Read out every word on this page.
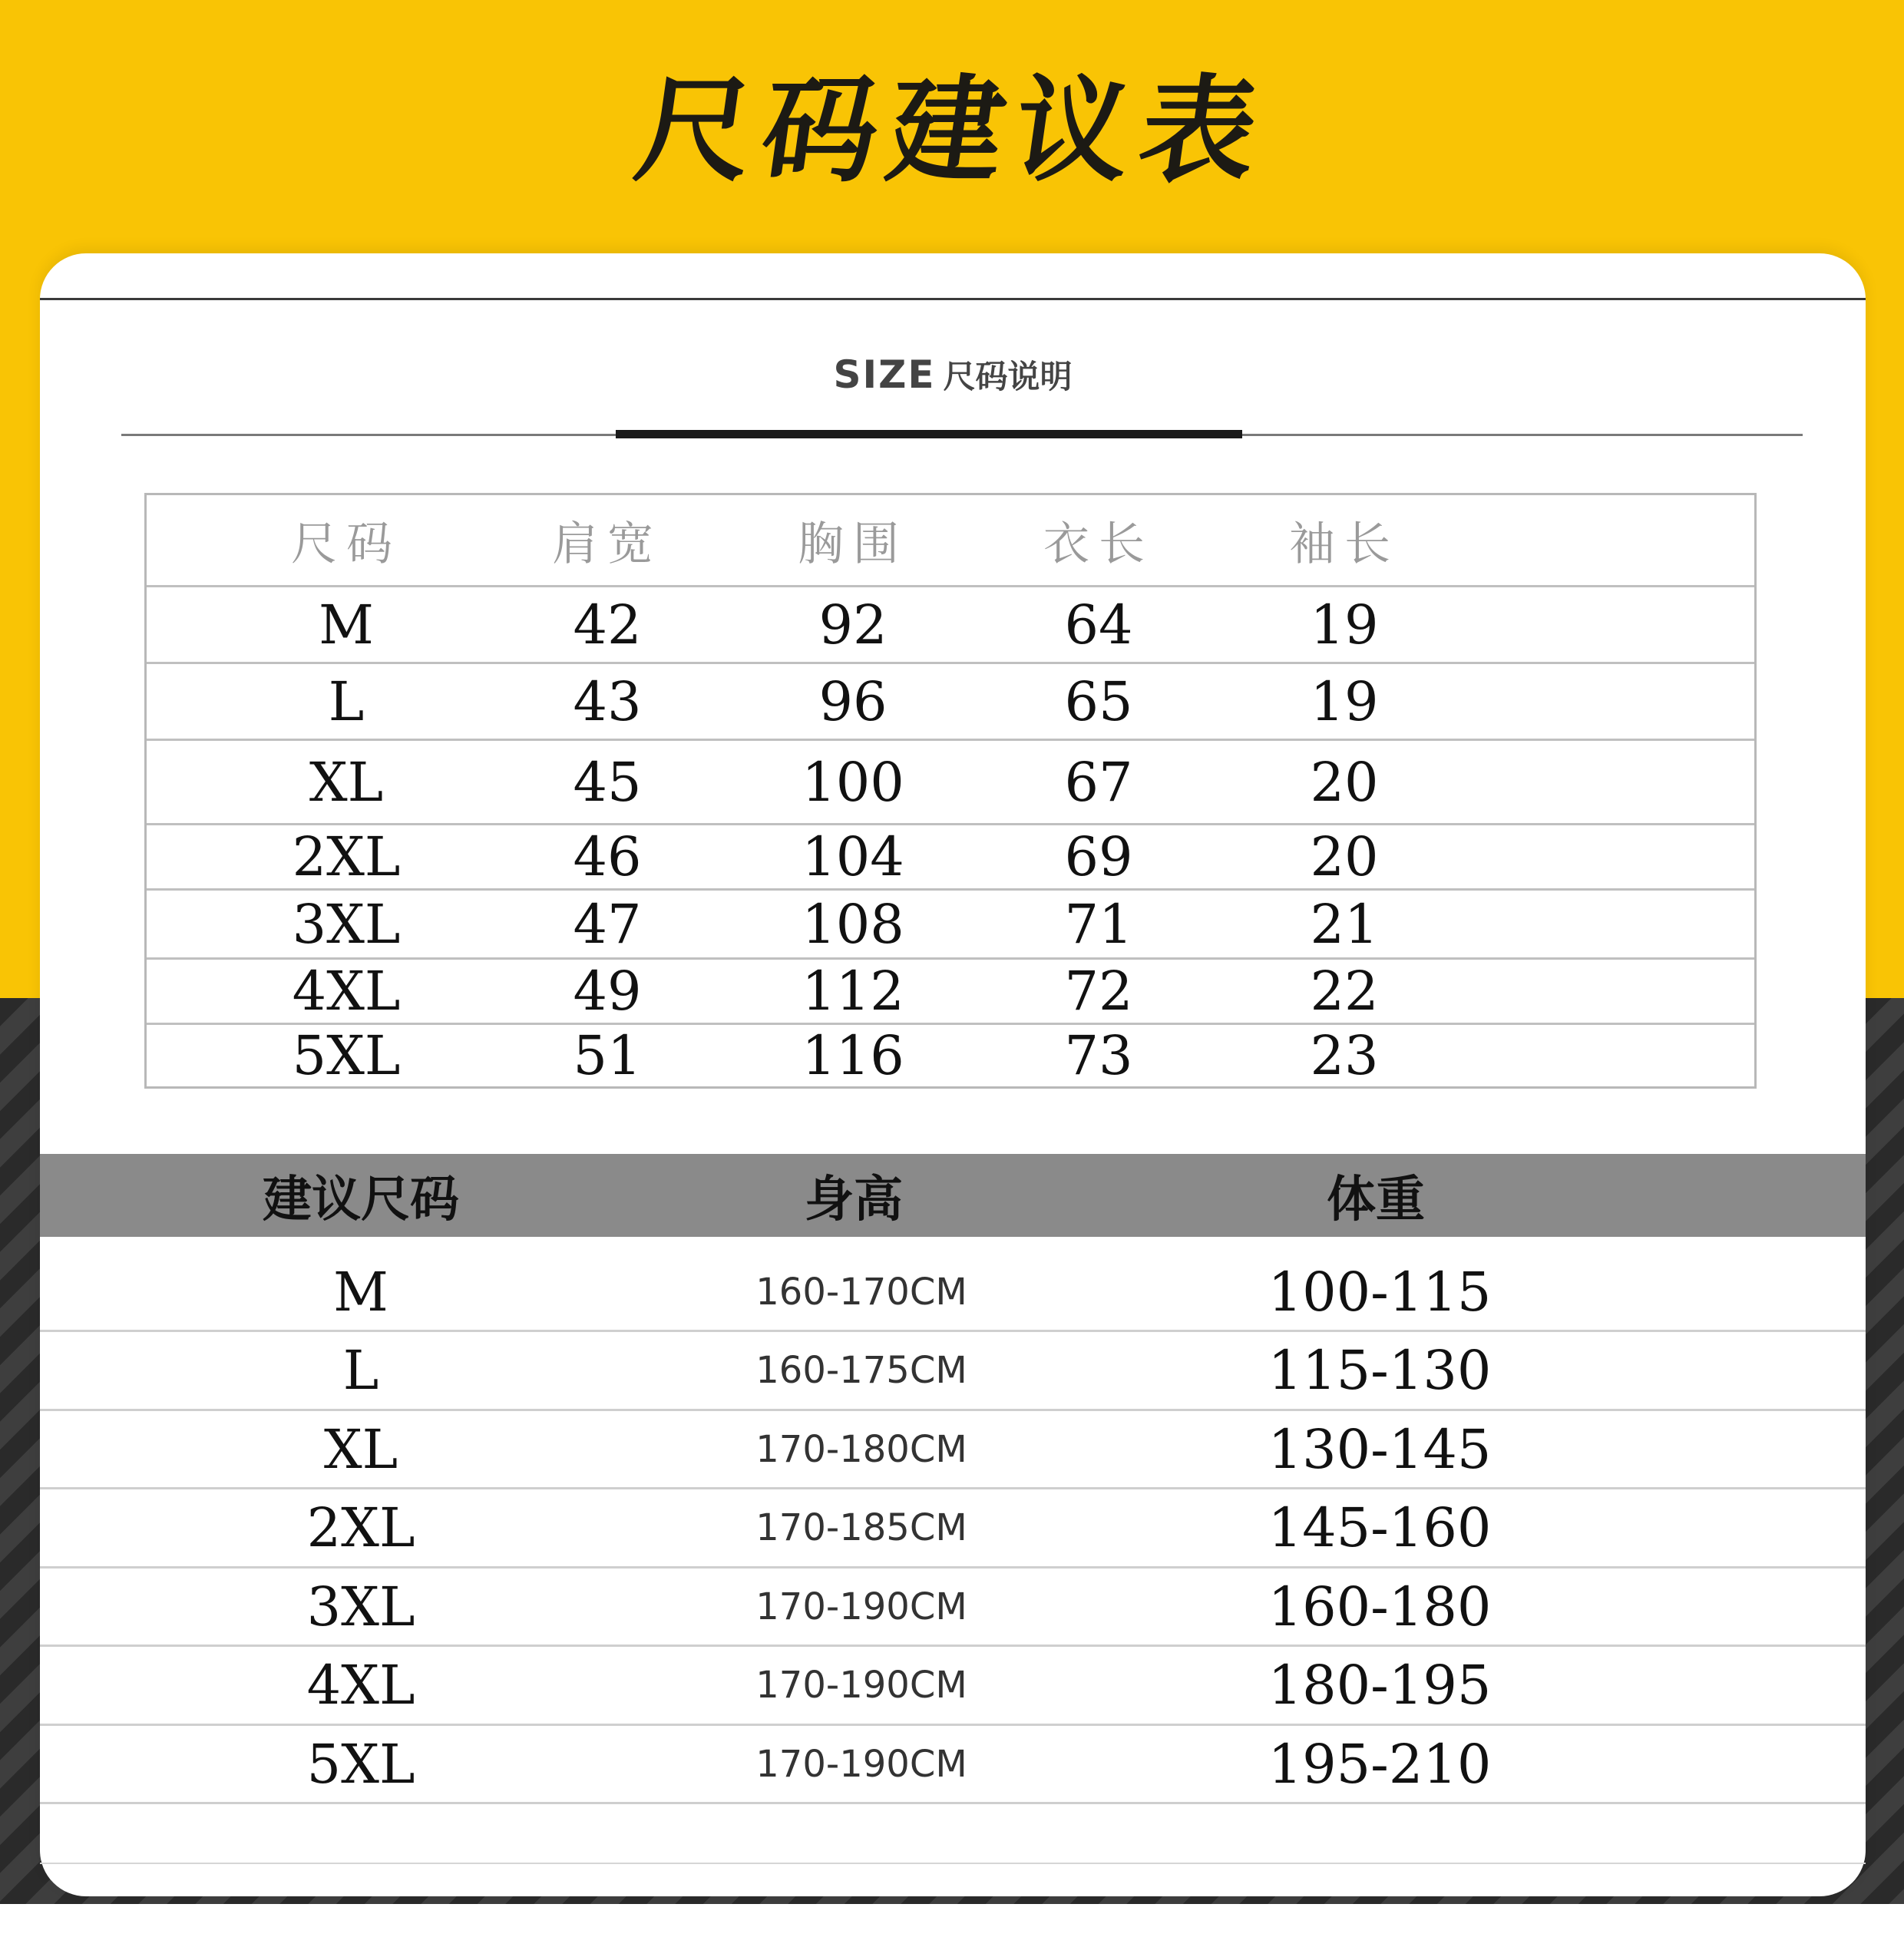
尺码建议表
SIZE 尺码说明
尺码	肩宽	胸围	衣长	袖长
M	42	92	64	19
L	43	96	65	19
XL	45	100	67	20
2XL	46	104	69	20
3XL	47	108	71	21
4XL	49	112	72	22
5XL	51	116	73	23
建议尺码	身高	体重
M	160-170CM	100-115
L	160-175CM	115-130
XL	170-180CM	130-145
2XL	170-185CM	145-160
3XL	170-190CM	160-180
4XL	170-190CM	180-195
5XL	170-190CM	195-210
